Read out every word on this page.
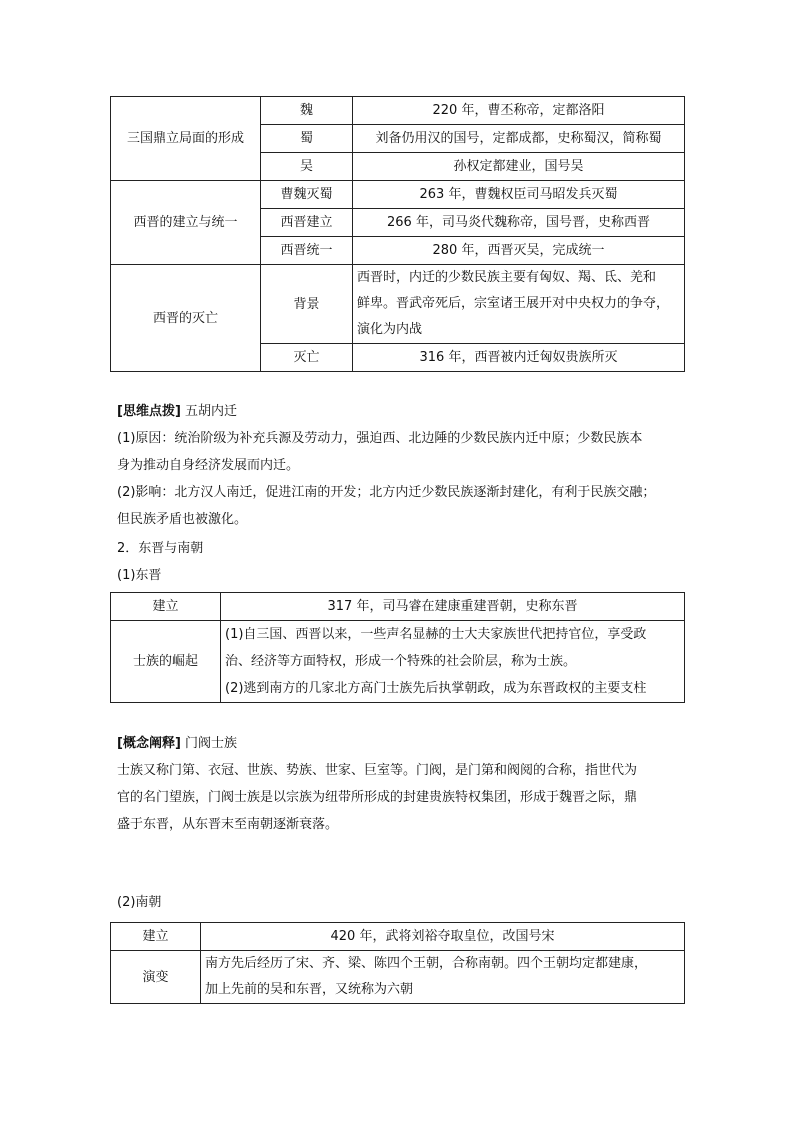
三国鼎立局面的形成	魏	220 年，曹丕称帝，定都洛阳
	蜀	刘备仍用汉的国号，定都成都，史称蜀汉，简称蜀
	吴	孙权定都建业，国号吴
西晋的建立与统一	曹魏灭蜀	263 年，曹魏权臣司马昭发兵灭蜀
	西晋建立	266 年，司马炎代魏称帝，国号晋，史称西晋
	西晋统一	280 年，西晋灭吴，完成统一
西晋的灭亡	背景	西晋时，内迁的少数民族主要有匈奴、羯、氐、羌和
鲜卑。晋武帝死后，宗室诸王展开对中央权力的争夺，
演化为内战

	灭亡	316 年，西晋被内迁匈奴贵族所灭
[思维点拨] 五胡内迁
(1)原因：统治阶级为补充兵源及劳动力，强迫西、北边陲的少数民族内迁中原；少数民族本
身为推动自身经济发展而内迁。
(2)影响：北方汉人南迁，促进江南的开发；北方内迁少数民族逐渐封建化，有利于民族交融；
但民族矛盾也被激化。
2．东晋与南朝
(1)东晋
建立	317 年，司马睿在建康重建晋朝，史称东晋
士族的崛起	(1)自三国、西晋以来，一些声名显赫的士大夫家族世代把持官位，享受政
治、经济等方面特权，形成一个特殊的社会阶层，称为士族。
(2)逃到南方的几家北方高门士族先后执掌朝政，成为东晋政权的主要支柱
[概念阐释] 门阀士族
士族又称门第、衣冠、世族、势族、世家、巨室等。门阀，是门第和阀阅的合称，指世代为
官的名门望族，门阀士族是以宗族为纽带所形成的封建贵族特权集团，形成于魏晋之际，鼎
盛于东晋，从东晋末至南朝逐渐衰落。
(2)南朝
建立	420 年，武将刘裕夺取皇位，改国号宋
演变	南方先后经历了宋、齐、梁、陈四个王朝，合称南朝。四个王朝均定都建康，
加上先前的吴和东晋，又统称为六朝
